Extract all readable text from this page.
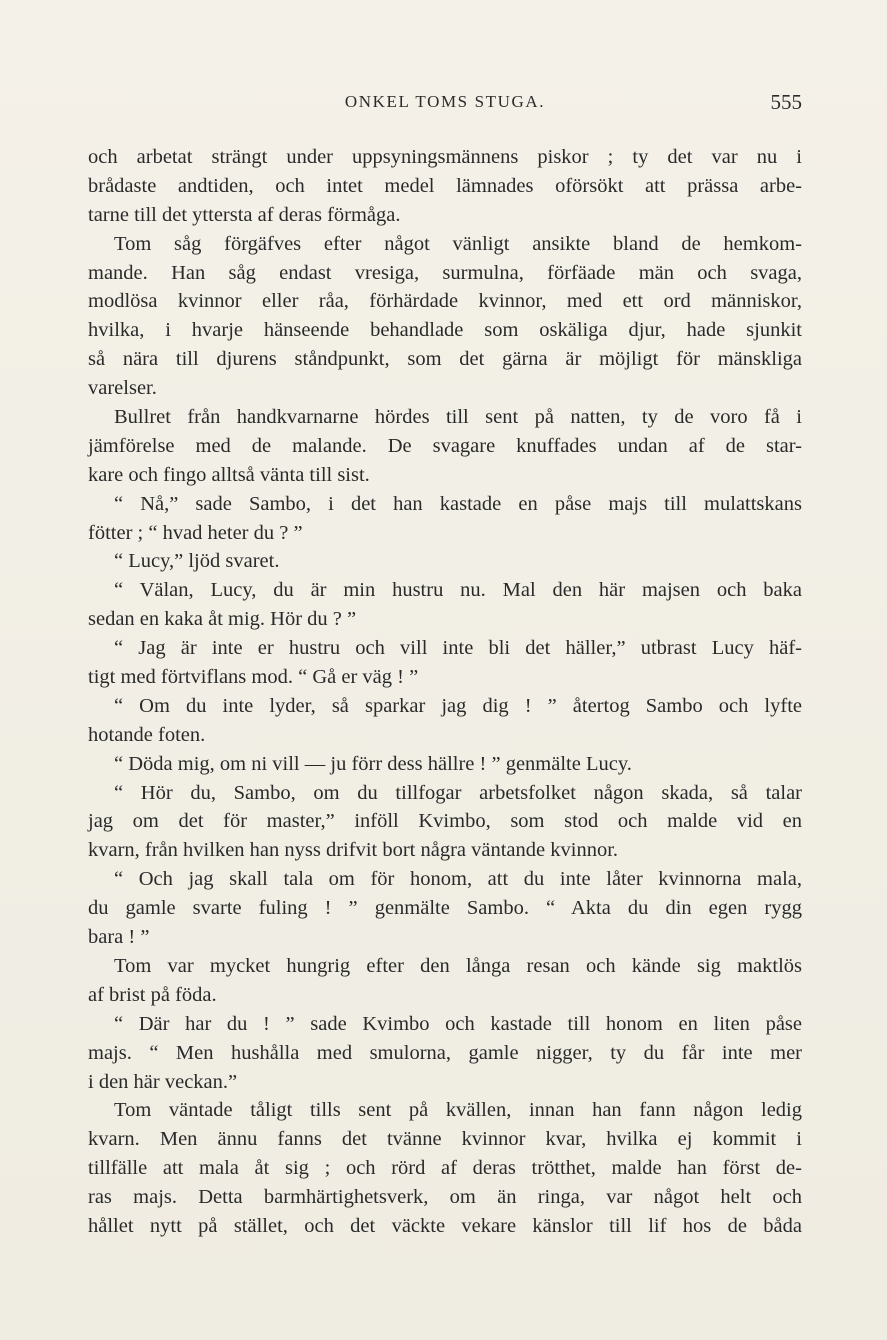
ONKEL TOMS STUGA.	555
och arbetat strängt under uppsyningsmännens piskor ; ty det var nu i
brådaste andtiden, och intet medel lämnades oförsökt att prässa arbe-
tarne till det yttersta af deras förmåga.
Tom såg förgäfves efter något vänligt ansikte bland de hemkom-
mande. Han såg endast vresiga, surmulna, förfäade män och svaga,
modlösa kvinnor eller råa, förhärdade kvinnor, med ett ord människor,
hvilka, i hvarje hänseende behandlade som oskäliga djur, hade sjunkit
så nära till djurens ståndpunkt, som det gärna är möjligt för mänskliga
varelser.
Bullret från handkvarnarne hördes till sent på natten, ty de voro få i
jämförelse med de malande. De svagare knuffades undan af de star-
kare och fingo alltså vänta till sist.
“ Nå,” sade Sambo, i det han kastade en påse majs till mulattskans
fötter ; “ hvad heter du ? ”
“ Lucy,” ljöd svaret.
“ Välan, Lucy, du är min hustru nu. Mal den här majsen och baka
sedan en kaka åt mig. Hör du ? ”
“ Jag är inte er hustru och vill inte bli det häller,” utbrast Lucy häf-
tigt med förtviflans mod. “ Gå er väg ! ”
“ Om du inte lyder, så sparkar jag dig ! ” återtog Sambo och lyfte
hotande foten.
“ Döda mig, om ni vill — ju förr dess hällre ! ” genmälte Lucy.
“ Hör du, Sambo, om du tillfogar arbetsfolket någon skada, så talar
jag om det för master,” inföll Kvimbo, som stod och malde vid en
kvarn, från hvilken han nyss drifvit bort några väntande kvinnor.
“ Och jag skall tala om för honom, att du inte låter kvinnorna mala,
du gamle svarte fuling ! ” genmälte Sambo. “ Akta du din egen rygg
bara ! ”
Tom var mycket hungrig efter den långa resan och kände sig maktlös
af brist på föda.
“ Där har du ! ” sade Kvimbo och kastade till honom en liten påse
majs. “ Men hushålla med smulorna, gamle nigger, ty du får inte mer
i den här veckan.”
Tom väntade tåligt tills sent på kvällen, innan han fann någon ledig
kvarn. Men ännu fanns det tvänne kvinnor kvar, hvilka ej kommit i
tillfälle att mala åt sig ; och rörd af deras trötthet, malde han först de-
ras majs. Detta barmhärtighetsverk, om än ringa, var något helt och
hållet nytt på stället, och det väckte vekare känslor till lif hos de båda
